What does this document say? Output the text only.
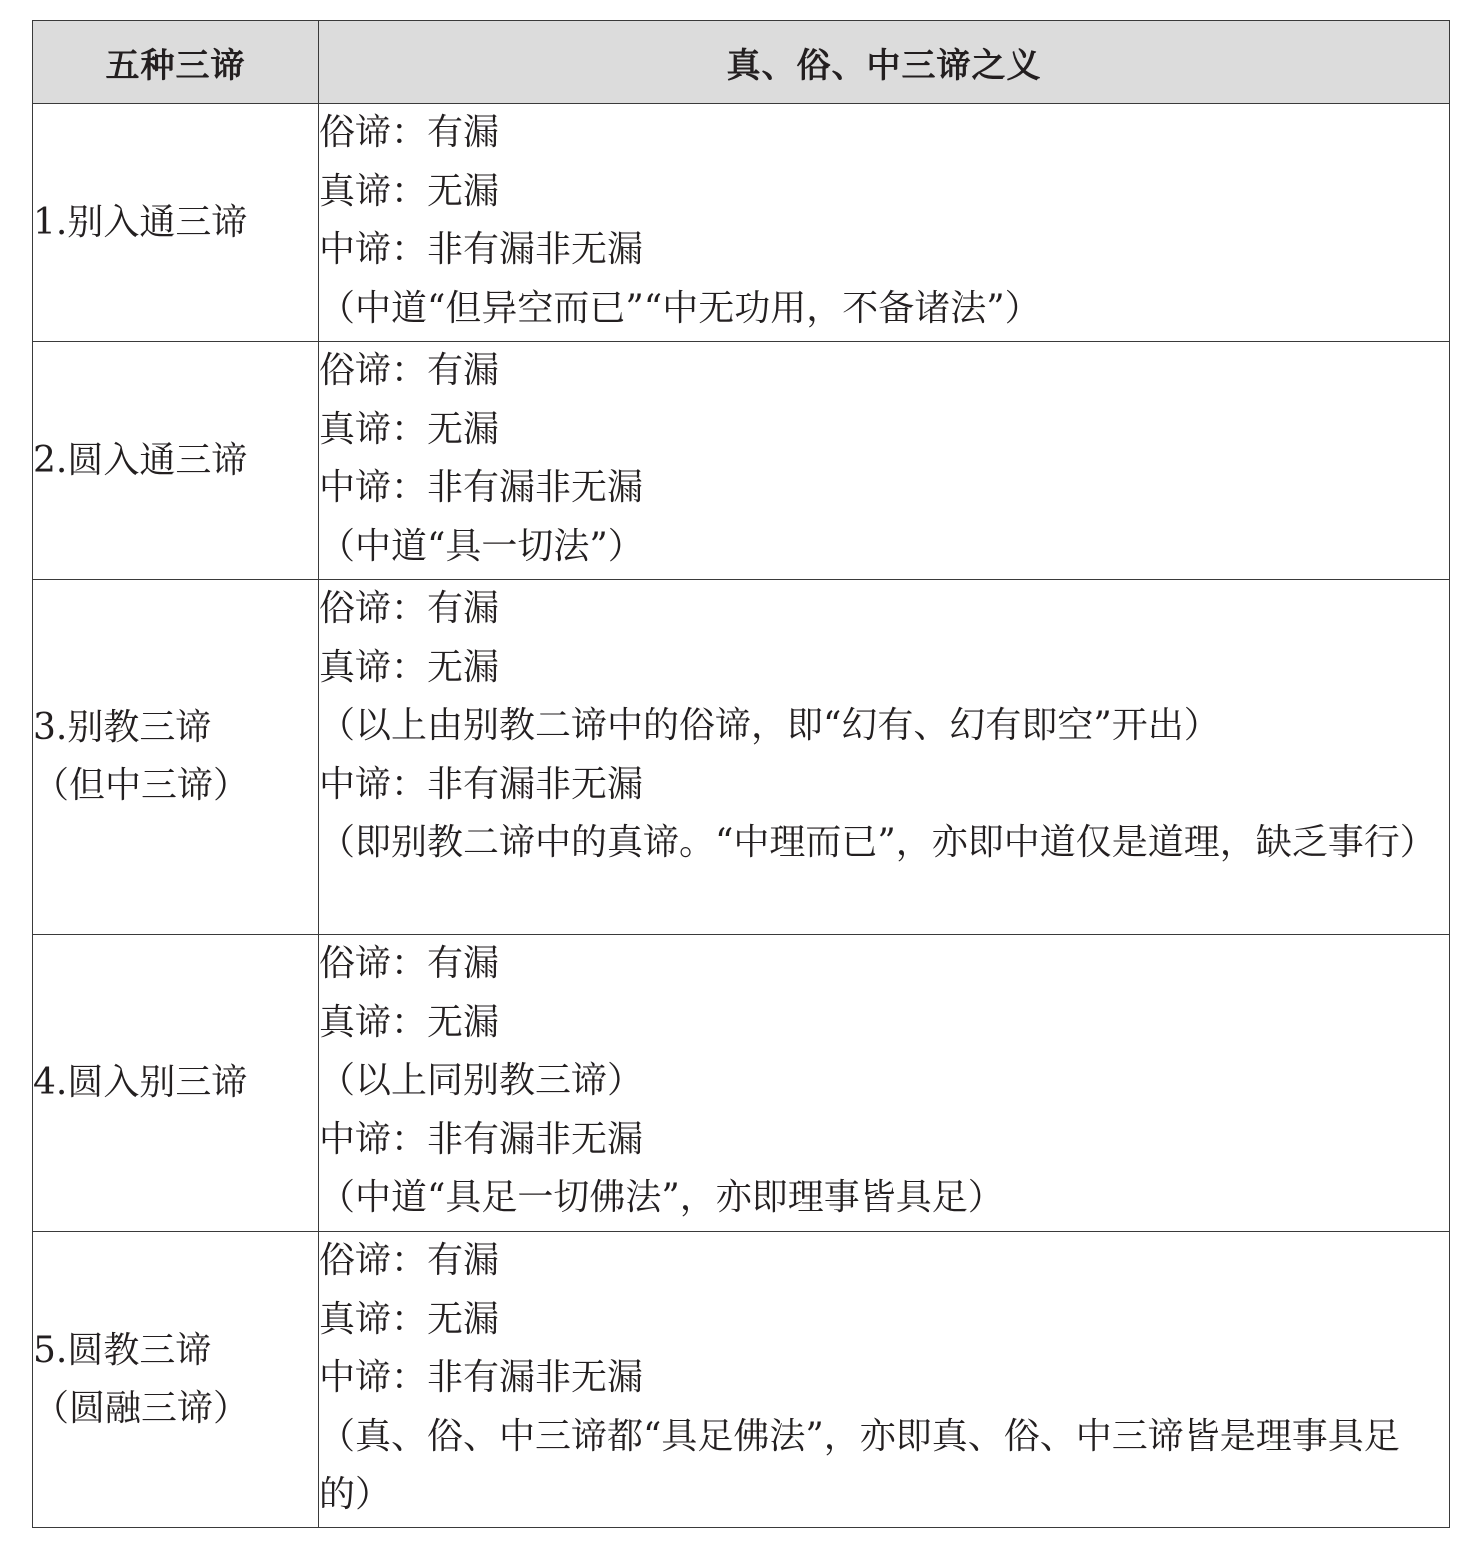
五种三谛	真、俗、中三谛之义

1.别入通三谛	俗谛：有漏
真谛：无漏
中谛：非有漏非无漏
（中道“但异空而已”“中无功用，不备诸法”）

2.圆入通三谛	俗谛：有漏
真谛：无漏
中谛：非有漏非无漏
（中道“具一切法”）

3.别教三谛
（但中三谛）	俗谛：有漏
真谛：无漏
（以上由别教二谛中的俗谛，即“幻有、幻有即空”开出）
中谛：非有漏非无漏
（即别教二谛中的真谛。“中理而已”，亦即中道仅是道理，缺乏事行）

4.圆入别三谛	俗谛：有漏
真谛：无漏
（以上同别教三谛）
中谛：非有漏非无漏
（中道“具足一切佛法”，亦即理事皆具足）

5.圆教三谛
（圆融三谛）	俗谛：有漏
真谛：无漏
中谛：非有漏非无漏
（真、俗、中三谛都“具足佛法”，亦即真、俗、中三谛皆是理事具足的）
